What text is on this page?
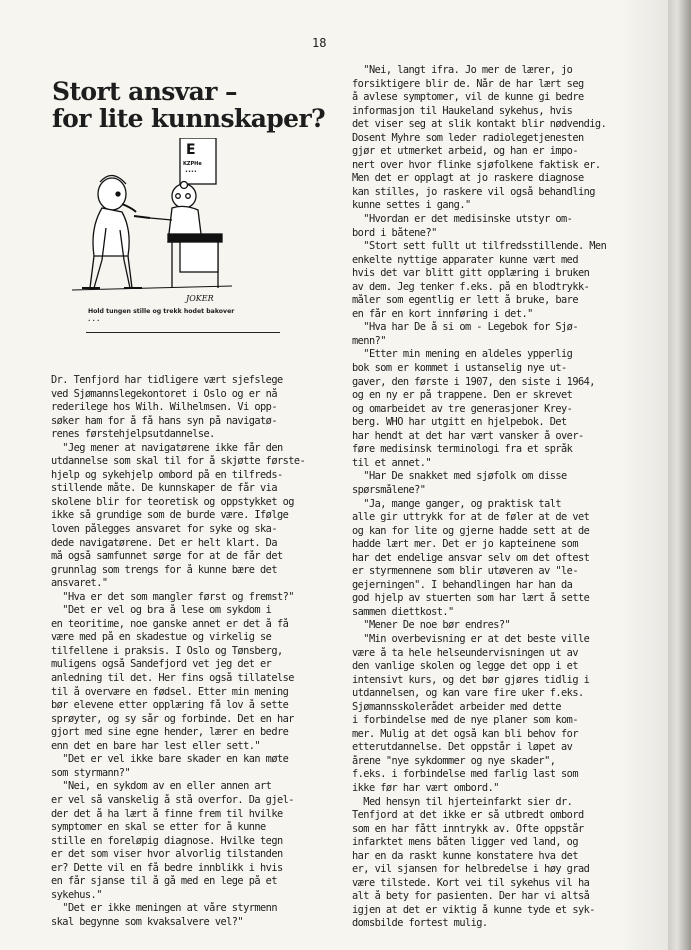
18
Stort ansvar –
for lite kunnskaper?
E
KZPHe
••••
JOKER
Hold tungen stille og trekk hodet bakover . . .

Dr. Tenfjord har tidligere vært sjefslege

ved Sjømannslegekontoret i Oslo og er nå

rederilege hos Wilh. Wilhelmsen. Vi opp-

søker ham for å få hans syn på navigatø-

renes førstehjelpsutdannelse.

"Jeg mener at navigatørene ikke får den

utdannelse som skal til for å skjøtte første-

hjelp og sykehjelp ombord på en tilfreds-

stillende måte. De kunnskaper de får via

skolene blir for teoretisk og oppstykket og

ikke så grundige som de burde være. Ifølge

loven pålegges ansvaret for syke og ska-

dede navigatørene. Det er helt klart. Da

må også samfunnet sørge for at de får det

grunnlag som trengs for å kunne bære det

ansvaret."

"Hva er det som mangler først og fremst?"

"Det er vel og bra å lese om sykdom i

en teoritime, noe ganske annet er det å få

være med på en skadestue og virkelig se

tilfellene i praksis. I Oslo og Tønsberg,

muligens også Sandefjord vet jeg det er

anledning til det. Her fins også tillatelse

til å overvære en fødsel. Etter min mening

bør elevene etter opplæring få lov å sette

sprøyter, og sy sår og forbinde. Det en har

gjort med sine egne hender, lærer en bedre

enn det en bare har lest eller sett."

"Det er vel ikke bare skader en kan møte

som styrmann?"

"Nei, en sykdom av en eller annen art

er vel så vanskelig å stå overfor. Da gjel-

der det å ha lært å finne frem til hvilke

symptomer en skal se etter for å kunne

stille en foreløpig diagnose. Hvilke tegn

er det som viser hvor alvorlig tilstanden

er? Dette vil en få bedre innblikk i hvis

en får sjanse til å gå med en lege på et

sykehus."

"Det er ikke meningen at våre styrmenn

skal begynne som kvaksalvere vel?"

"Nei, langt ifra. Jo mer de lærer, jo

forsiktigere blir de. Når de har lært seg

å avlese symptomer, vil de kunne gi bedre

informasjon til Haukeland sykehus, hvis

det viser seg at slik kontakt blir nødvendig.

Dosent Myhre som leder radiolegetjenesten

gjør et utmerket arbeid, og han er impo-

nert over hvor flinke sjøfolkene faktisk er.

Men det er opplagt at jo raskere diagnose

kan stilles, jo raskere vil også behandling

kunne settes i gang."

"Hvordan er det medisinske utstyr om-

bord i båtene?"

"Stort sett fullt ut tilfredsstillende. Men

enkelte nyttige apparater kunne vært med

hvis det var blitt gitt opplæring i bruken

av dem. Jeg tenker f.eks. på en blodtrykk-

måler som egentlig er lett å bruke, bare

en får en kort innføring i det."

"Hva har De å si om - Legebok for Sjø-

menn?"

"Etter min mening en aldeles ypperlig

bok som er kommet i ustanselig nye ut-

gaver, den første i 1907, den siste i 1964,

og en ny er på trappene. Den er skrevet

og omarbeidet av tre generasjoner Krey-

berg. WHO har utgitt en hjelpebok. Det

har hendt at det har vært vansker å over-

føre medisinsk terminologi fra et språk

til et annet."

"Har De snakket med sjøfolk om disse

spørsmålene?"

"Ja, mange ganger, og praktisk talt

alle gir uttrykk for at de føler at de vet

og kan for lite og gjerne hadde sett at de

hadde lært mer. Det er jo kapteinene som

har det endelige ansvar selv om det oftest

er styrmennene som blir utøveren av "le-

gejerningen". I behandlingen har han da

god hjelp av stuerten som har lært å sette

sammen diettkost."

"Mener De noe bør endres?"

"Min overbevisning er at det beste ville

være å ta hele helseundervisningen ut av

den vanlige skolen og legge det opp i et

intensivt kurs, og det bør gjøres tidlig i

utdannelsen, og kan vare fire uker f.eks.

Sjømannsskolerådet arbeider med dette

i forbindelse med de nye planer som kom-

mer. Mulig at det også kan bli behov for

etterutdannelse. Det oppstår i løpet av

årene "nye sykdommer og nye skader",

f.eks. i forbindelse med farlig last som

ikke før har vært ombord."

Med hensyn til hjerteinfarkt sier dr.

Tenfjord at det ikke er så utbredt ombord

som en har fått inntrykk av. Ofte oppstår

infarktet mens båten ligger ved land, og

har en da raskt kunne konstatere hva det

er, vil sjansen for helbredelse i høy grad

være tilstede. Kort vei til sykehus vil ha

alt å bety for pasienten. Der har vi altså

igjen at det er viktig å kunne tyde et syk-

domsbilde fortest mulig.
